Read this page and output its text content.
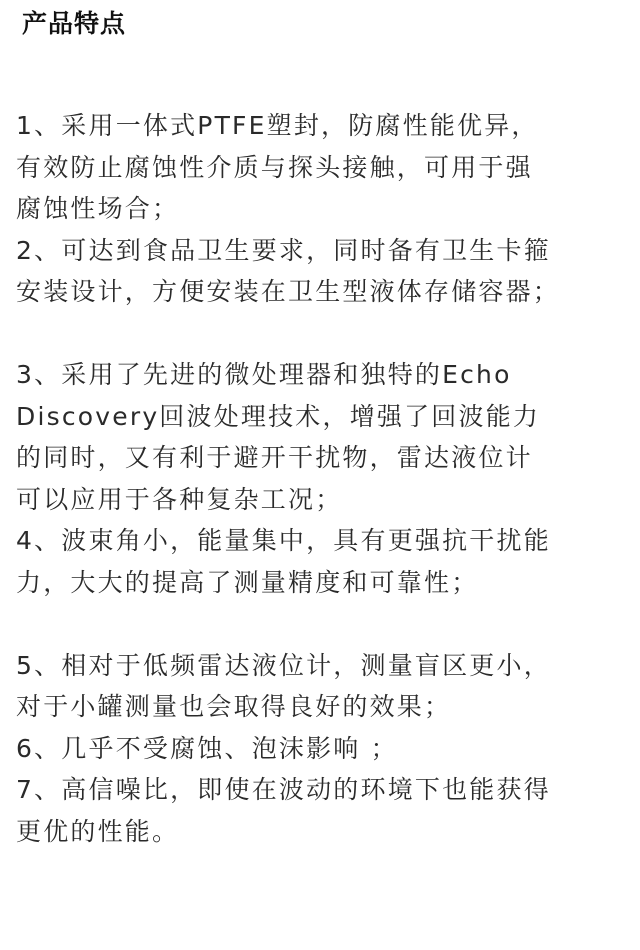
产品特点
1、采用一体式PTFE塑封，防腐性能优异，
有效防止腐蚀性介质与探头接触，可用于强
腐蚀性场合；
2、可达到食品卫生要求，同时备有卫生卡箍
安装设计，方便安装在卫生型液体存储容器；
3、采用了先进的微处理器和独特的Echo
Discovery回波处理技术，增强了回波能力
的同时，又有利于避开干扰物，雷达液位计
可以应用于各种复杂工况；
4、波束角小，能量集中，具有更强抗干扰能
力，大大的提高了测量精度和可靠性；
5、相对于低频雷达液位计，测量盲区更小，
对于小罐测量也会取得良好的效果；
6、几乎不受腐蚀、泡沫影响 ；
7、高信噪比，即使在波动的环境下也能获得
更优的性能。
